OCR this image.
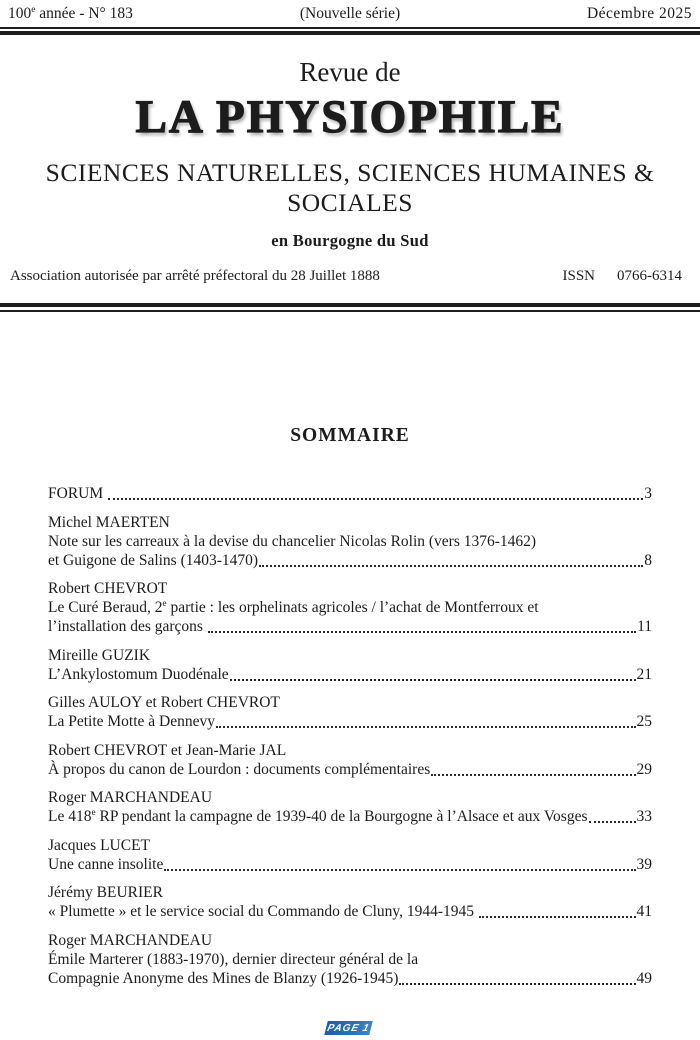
100e année - N° 183	(Nouvelle série)	Décembre 2025
Revue de
LA PHYSIOPHILE
SCIENCES NATURELLES, SCIENCES HUMAINES & SOCIALES
en Bourgogne du Sud
Association autorisée par arrêté préfectoral du 28 Juillet 1888	ISSN 0766-6314
SOMMAIRE
FORUM	3
Michel MAERTEN
Note sur les carreaux à la devise du chancelier Nicolas Rolin (vers 1376-1462)
et Guigone de Salins (1403-1470)	8
Robert CHEVROT
Le Curé Beraud, 2e partie : les orphelinats agricoles / l’achat de Montferroux et
l’installation des garçons	11
Mireille GUZIK
L’Ankylostomum Duodénale	21
Gilles AULOY et Robert CHEVROT
La Petite Motte à Dennevy	25
Robert CHEVROT et Jean-Marie JAL
À propos du canon de Lourdon : documents complémentaires	29
Roger MARCHANDEAU
Le 418e RP pendant la campagne de 1939-40 de la Bourgogne à l’Alsace et aux Vosges	33
Jacques LUCET
Une canne insolite	39
Jérémy BEURIER
« Plumette » et le service social du Commando de Cluny, 1944-1945	41
Roger MARCHANDEAU
Émile Marterer (1883-1970), dernier directeur général de la
Compagnie Anonyme des Mines de Blanzy (1926-1945)	49
PAGE 1
